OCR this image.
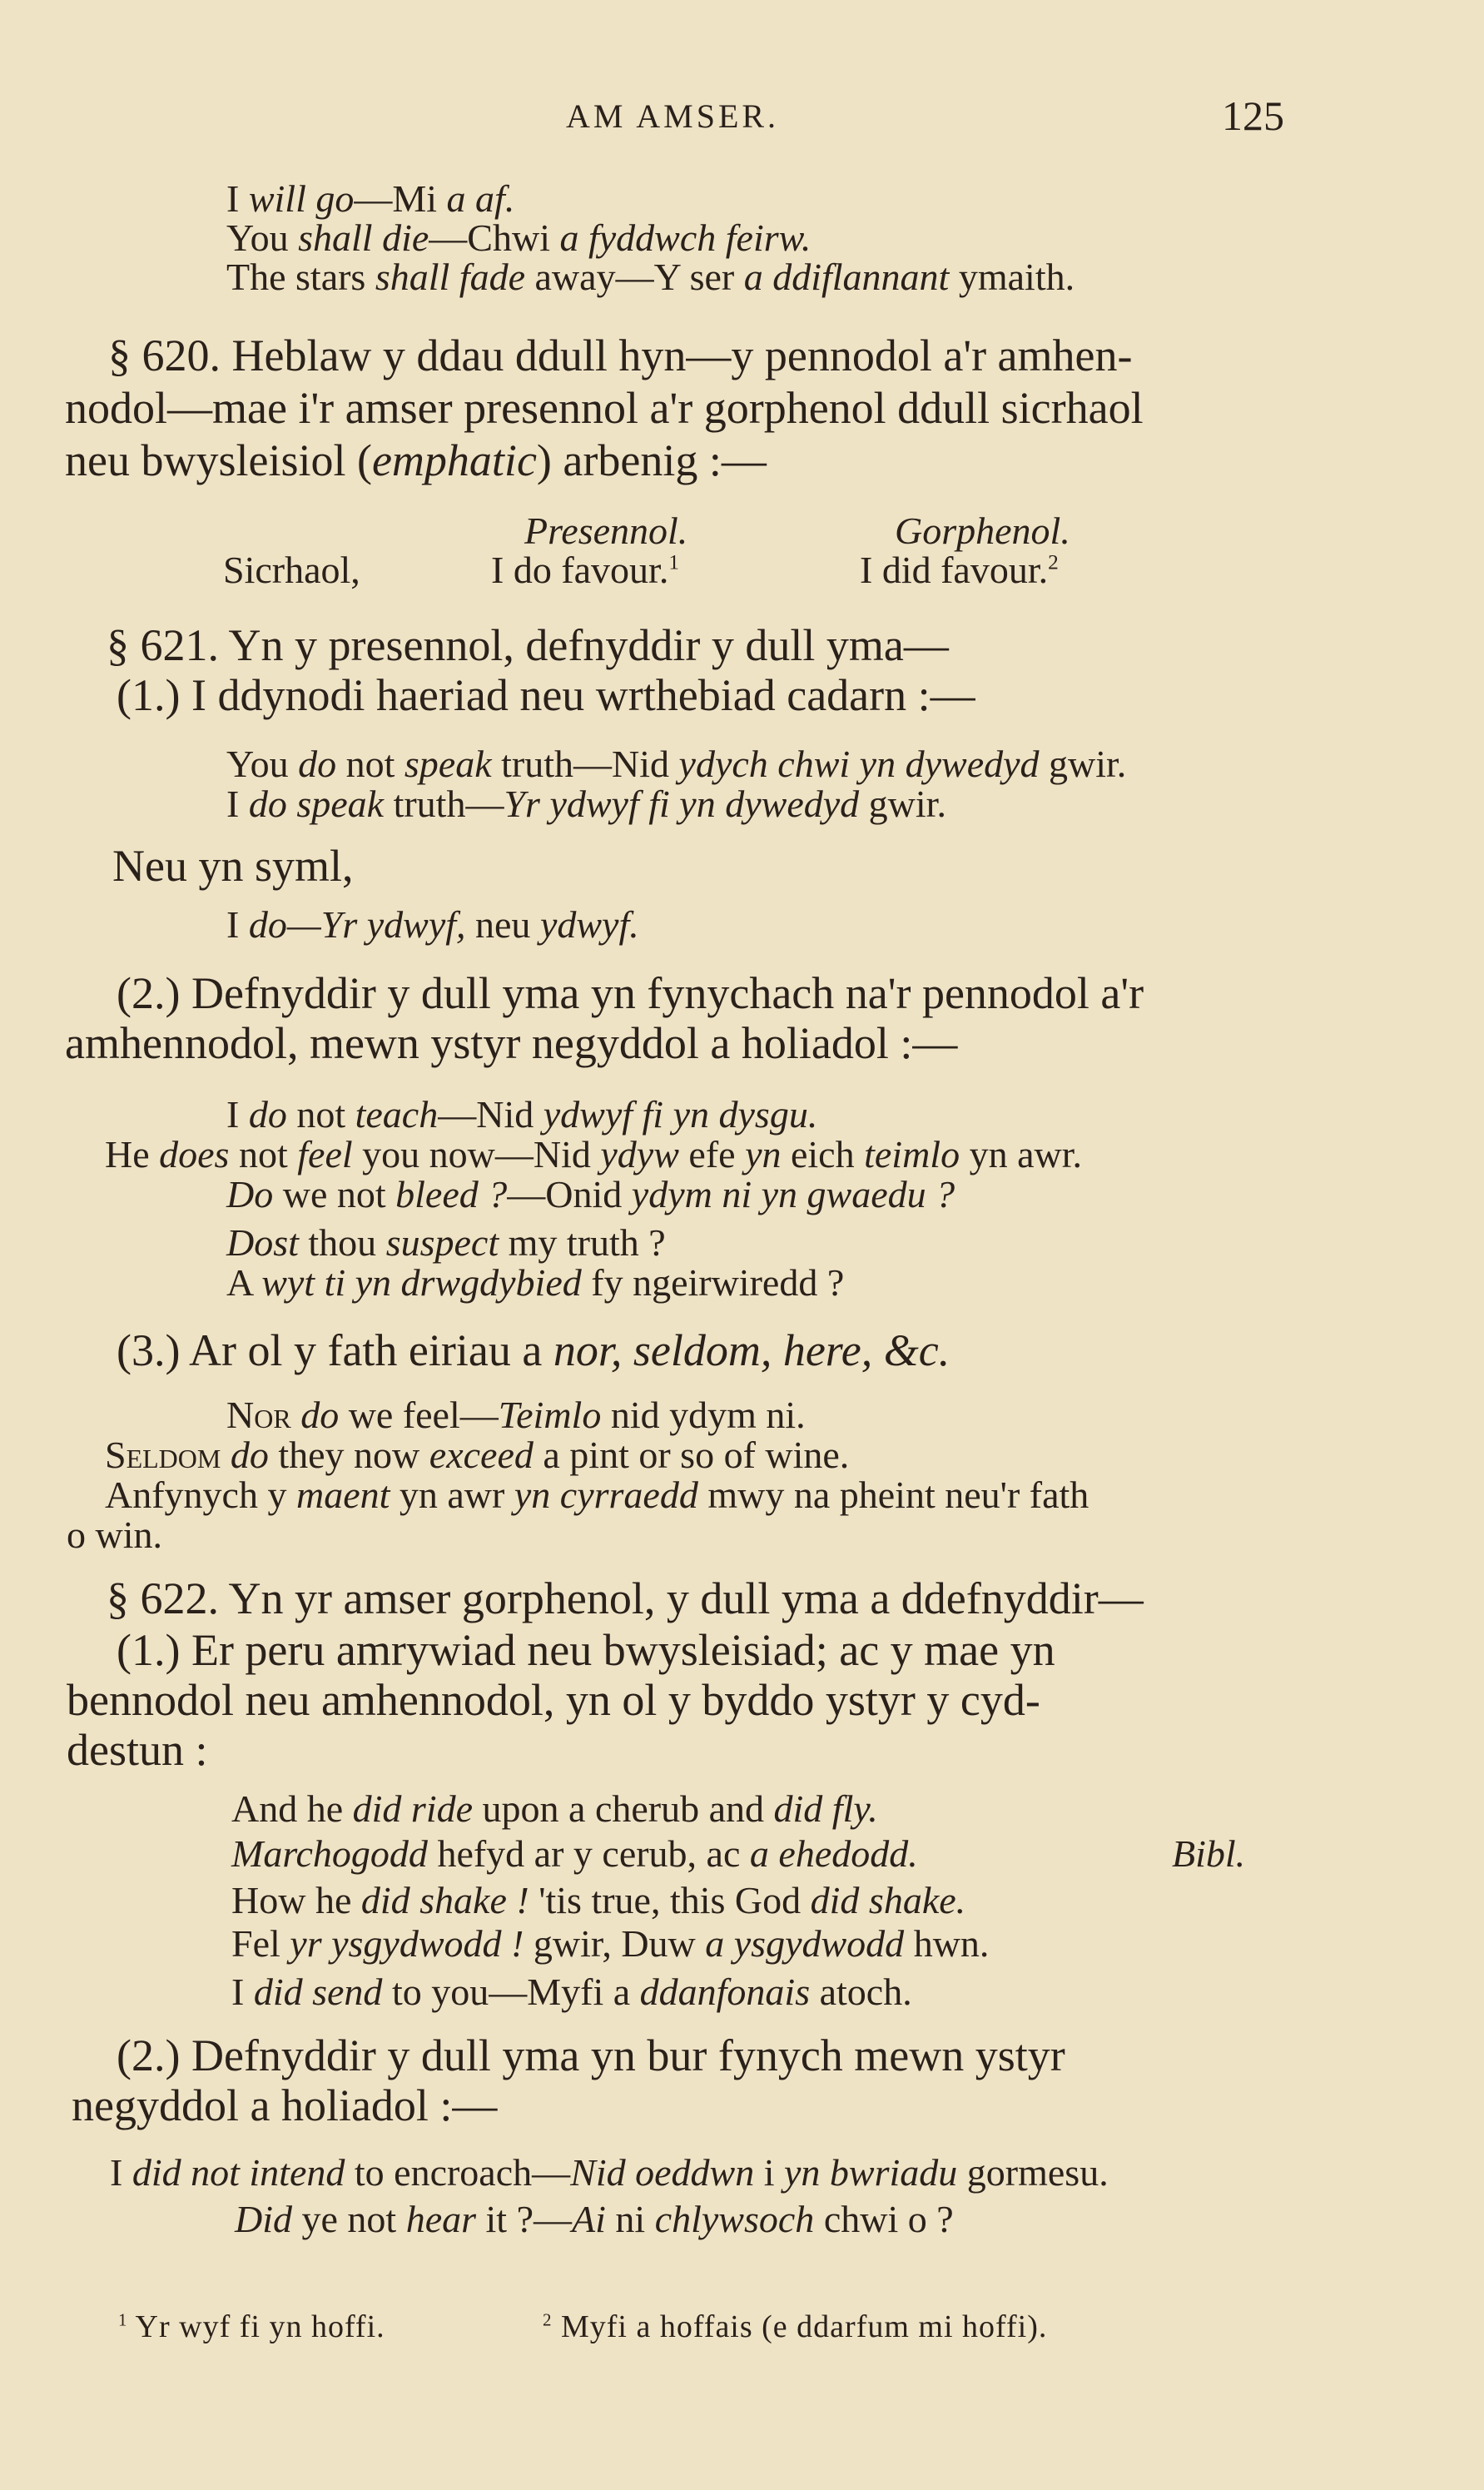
AM AMSER.	125
I will go—Mi a af.
You shall die—Chwi a fyddwch feirw.
The stars shall fade away—Y ser a ddiflannant ymaith.
§ 620. Heblaw y ddau ddull hyn—y pennodol a'r amhen-
nodol—mae i'r amser presennol a'r gorphenol ddull sicrhaol
neu bwysleisiol (emphatic) arbenig :—
Presennol.	Gorphenol.
Sicrhaol,	I do favour.$^1$	I did favour.$^2$
§ 621. Yn y presennol, defnyddir y dull yma—
(1.) I ddynodi haeriad neu wrthebiad cadarn :—
You do not speak truth—Nid ydych chwi yn dywedyd gwir.
I do speak truth—Yr ydwyf fi yn dywedyd gwir.
Neu yn syml,
I do—Yr ydwyf, neu ydwyf.
(2.) Defnyddir y dull yma yn fynychach na'r pennodol a'r
amhennodol, mewn ystyr negyddol a holiadol :—
I do not teach—Nid ydwyf fi yn dysgu.
He does not feel you now—Nid ydyw efe yn eich teimlo yn awr.
Do we not bleed ?—Onid ydym ni yn gwaedu ?
Dost thou suspect my truth ?
A wyt ti yn drwgdybied fy ngeirwiredd ?
(3.) Ar ol y fath eiriau a nor, seldom, here, &c.
Nor do we feel—Teimlo nid ydym ni.
Seldom do they now exceed a pint or so of wine.
Anfynych y maent yn awr yn cyrraedd mwy na pheint neu'r fath
o win.
§ 622. Yn yr amser gorphenol, y dull yma a ddefnyddir—
(1.) Er peru amrywiad neu bwysleisiad; ac y mae yn
bennodol neu amhennodol, yn ol y byddo ystyr y cyd-
destun :
And he did ride upon a cherub and did fly.
Marchogodd hefyd ar y cerub, ac a ehedodd.	Bibl.
How he did shake ! 'tis true, this God did shake.
Fel yr ysgydwodd ! gwir, Duw a ysgydwodd hwn.
I did send to you—Myfi a ddanfonais atoch.
(2.) Defnyddir y dull yma yn bur fynych mewn ystyr
negyddol a holiadol :—
I did not intend to encroach—Nid oeddwn i yn bwriadu gormesu.
Did ye not hear it ?—Ai ni chlywsoch chwi o ?
$^1$ Yr wyf fi yn hoffi.	$^2$ Myfi a hoffais (e ddarfum mi hoffi).
